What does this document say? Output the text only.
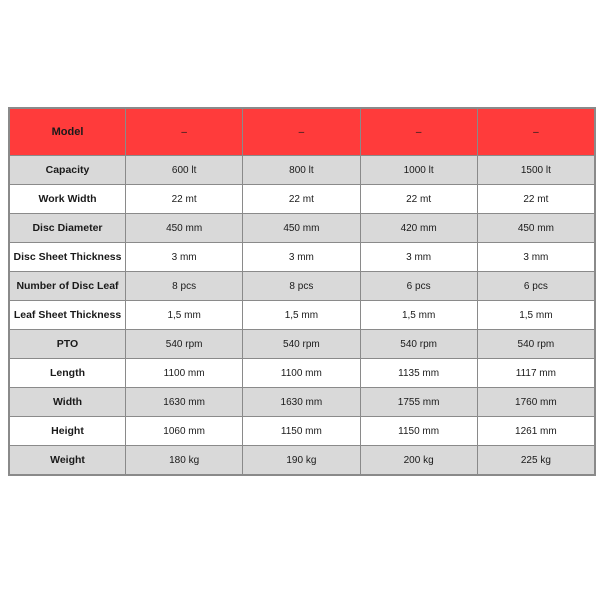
Model	–	–	–	–
Capacity	600 lt	800 lt	1000 lt	1500 lt
Work Width	22 mt	22 mt	22 mt	22 mt
Disc Diameter	450 mm	450 mm	420 mm	450 mm
Disc Sheet Thickness	3 mm	3 mm	3 mm	3 mm
Number of Disc Leaf	8 pcs	8 pcs	6 pcs	6 pcs
Leaf Sheet Thickness	1,5 mm	1,5 mm	1,5 mm	1,5 mm
PTO	540 rpm	540 rpm	540 rpm	540 rpm
Length	1100 mm	1100 mm	1135 mm	1117 mm
Width	1630 mm	1630 mm	1755 mm	1760 mm
Height	1060 mm	1150 mm	1150 mm	1261 mm
Weight	180 kg	190 kg	200 kg	225 kg
